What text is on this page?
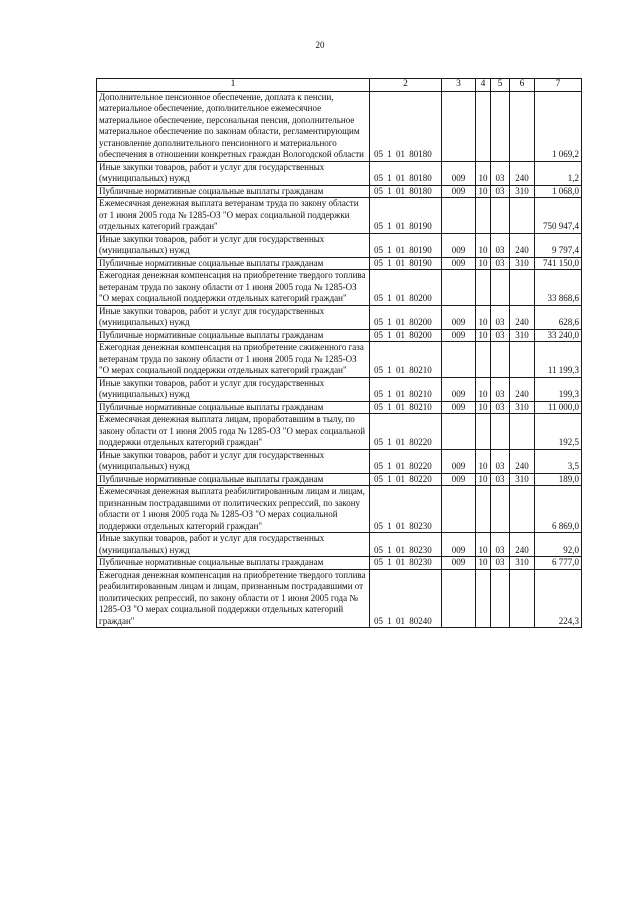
20
1	2	3	4	5	6	7
Дополнительное пенсионное обеспечение, доплата к пенсии, материальное обеспечение, дополнительное ежемесячное материальное обеспечение, персональная пенсия, дополнительное материальное обеспечение по законам области, регламентирующим установление дополнительного пенсионного и материального обеспечения в отношении конкретных граждан Вологодской области	05 1 01 80180					1 069,2
Иные закупки товаров, работ и услуг для государственных (муниципальных) нужд	05 1 01 80180	009	10	03	240	1,2
Публичные нормативные социальные выплаты гражданам	05 1 01 80180	009	10	03	310	1 068,0
Ежемесячная денежная выплата ветеранам труда по закону области от 1 июня 2005 года № 1285-ОЗ "О мерах социальной поддержки отдельных категорий граждан"	05 1 01 80190					750 947,4
Иные закупки товаров, работ и услуг для государственных (муниципальных) нужд	05 1 01 80190	009	10	03	240	9 797,4
Публичные нормативные социальные выплаты гражданам	05 1 01 80190	009	10	03	310	741 150,0
Ежегодная денежная компенсация на приобретение твердого топлива ветеранам труда по закону области от 1 июня 2005 года № 1285-ОЗ "О мерах социальной поддержки отдельных категорий граждан"	05 1 01 80200					33 868,6
Иные закупки товаров, работ и услуг для государственных (муниципальных) нужд	05 1 01 80200	009	10	03	240	628,6
Публичные нормативные социальные выплаты гражданам	05 1 01 80200	009	10	03	310	33 240,0
Ежегодная денежная компенсация на приобретение сжиженного газа ветеранам труда по закону области от 1 июня 2005 года № 1285-ОЗ "О мерах социальной поддержки отдельных категорий граждан"	05 1 01 80210					11 199,3
Иные закупки товаров, работ и услуг для государственных (муниципальных) нужд	05 1 01 80210	009	10	03	240	199,3
Публичные нормативные социальные выплаты гражданам	05 1 01 80210	009	10	03	310	11 000,0
Ежемесячная денежная выплата лицам, проработавшим в тылу, по закону области от 1 июня 2005 года № 1285-ОЗ "О мерах социальной поддержки отдельных категорий граждан"	05 1 01 80220					192,5
Иные закупки товаров, работ и услуг для государственных (муниципальных) нужд	05 1 01 80220	009	10	03	240	3,5
Публичные нормативные социальные выплаты гражданам	05 1 01 80220	009	10	03	310	189,0
Ежемесячная денежная выплата реабилитированным лицам и лицам, признанным пострадавшими от политических репрессий, по закону области от 1 июня 2005 года № 1285-ОЗ "О мерах социальной поддержки отдельных категорий граждан"	05 1 01 80230					6 869,0
Иные закупки товаров, работ и услуг для государственных (муниципальных) нужд	05 1 01 80230	009	10	03	240	92,0
Публичные нормативные социальные выплаты гражданам	05 1 01 80230	009	10	03	310	6 777,0
Ежегодная денежная компенсация на приобретение твердого топлива реабилитированным лицам и лицам, признанным пострадавшими от политических репрессий, по закону области от 1 июня 2005 года № 1285-ОЗ "О мерах социальной поддержки отдельных категорий граждан"	05 1 01 80240					224,3
